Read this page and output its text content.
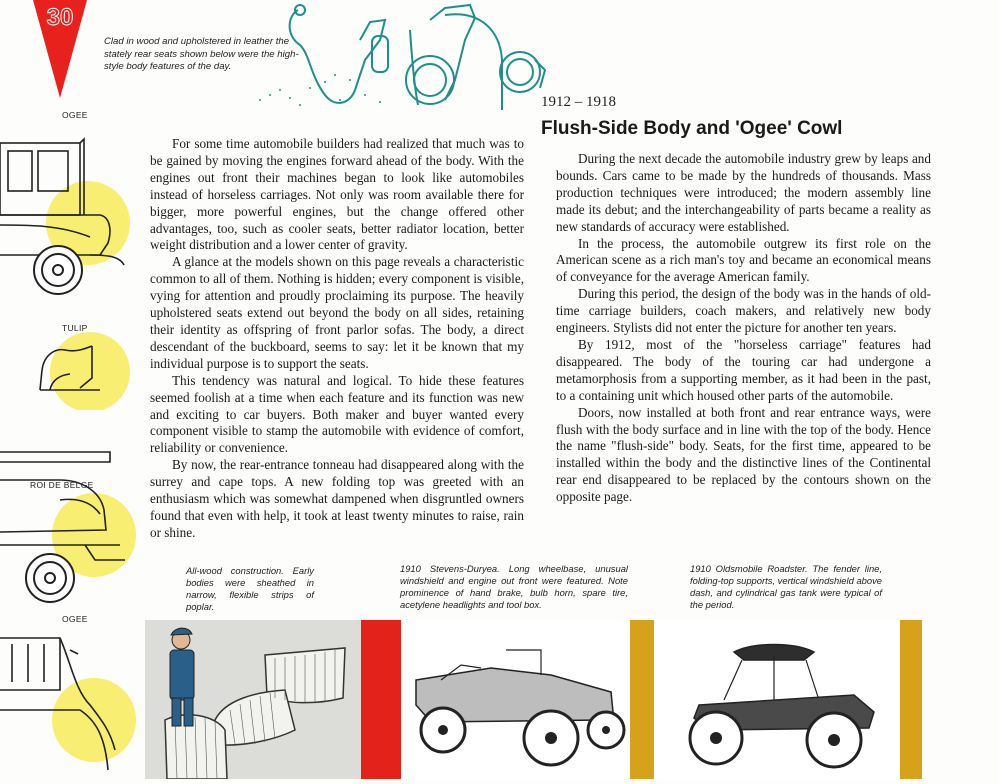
30
Clad in wood and upholstered in leather the stately rear seats shown below were the high-style body features of the day.
1912 – 1918
Flush-Side Body and 'Ogee' Cowl
OGEE
TULIP
ROI DE BELGE
OGEE

For some time automobile builders had realized that much was to be gained by moving the engines forward ahead of the body. With the engines out front their machines began to look like automobiles instead of horseless carriages. Not only was room available there for bigger, more powerful engines, but the change offered other advantages, too, such as cooler seats, better radiator location, better weight distribution and a lower center of gravity.

A glance at the models shown on this page reveals a characteristic common to all of them. Nothing is hidden; every component is visible, vying for attention and proudly proclaiming its purpose. The heavily upholstered seats extend out beyond the body on all sides, retaining their identity as offspring of front parlor sofas. The body, a direct descendant of the buckboard, seems to say: let it be known that my individual purpose is to support the seats.

This tendency was natural and logical. To hide these features seemed foolish at a time when each feature and its function was new and exciting to car buyers. Both maker and buyer wanted every component visible to stamp the automobile with evidence of comfort, reliability or convenience.

By now, the rear-entrance tonneau had disappeared along with the surrey and cape tops. A new folding top was greeted with an enthusiasm which was somewhat dampened when disgruntled owners found that even with help, it took at least twenty minutes to raise, rain or shine.

During the next decade the automobile industry grew by leaps and bounds. Cars came to be made by the hundreds of thousands. Mass production techniques were introduced; the modern assembly line made its debut; and the interchangeability of parts became a reality as new standards of accuracy were established.

In the process, the automobile outgrew its first role on the American scene as a rich man's toy and became an economical means of conveyance for the average American family.

During this period, the design of the body was in the hands of old-time carriage builders, coach makers, and relatively new body engineers. Stylists did not enter the picture for another ten years.

By 1912, most of the "horseless carriage" features had disappeared. The body of the touring car had undergone a metamorphosis from a supporting member, as it had been in the past, to a containing unit which housed other parts of the automobile.

Doors, now installed at both front and rear entrance ways, were flush with the body surface and in line with the top of the body. Hence the name "flush-side" body. Seats, for the first time, appeared to be installed within the body and the distinctive lines of the Continental rear end disappeared to be replaced by the contours shown on the opposite page.

All-wood construction. Early bodies were sheathed in narrow, flexible strips of poplar.
1910 Stevens-Duryea. Long wheelbase, unusual windshield and engine out front were featured. Note prominence of hand brake, bulb horn, spare tire, acetylene headlights and tool box.
1910 Oldsmobile Roadster. The fender line, folding-top supports, vertical windshield above dash, and cylindrical gas tank were typical of the period.
